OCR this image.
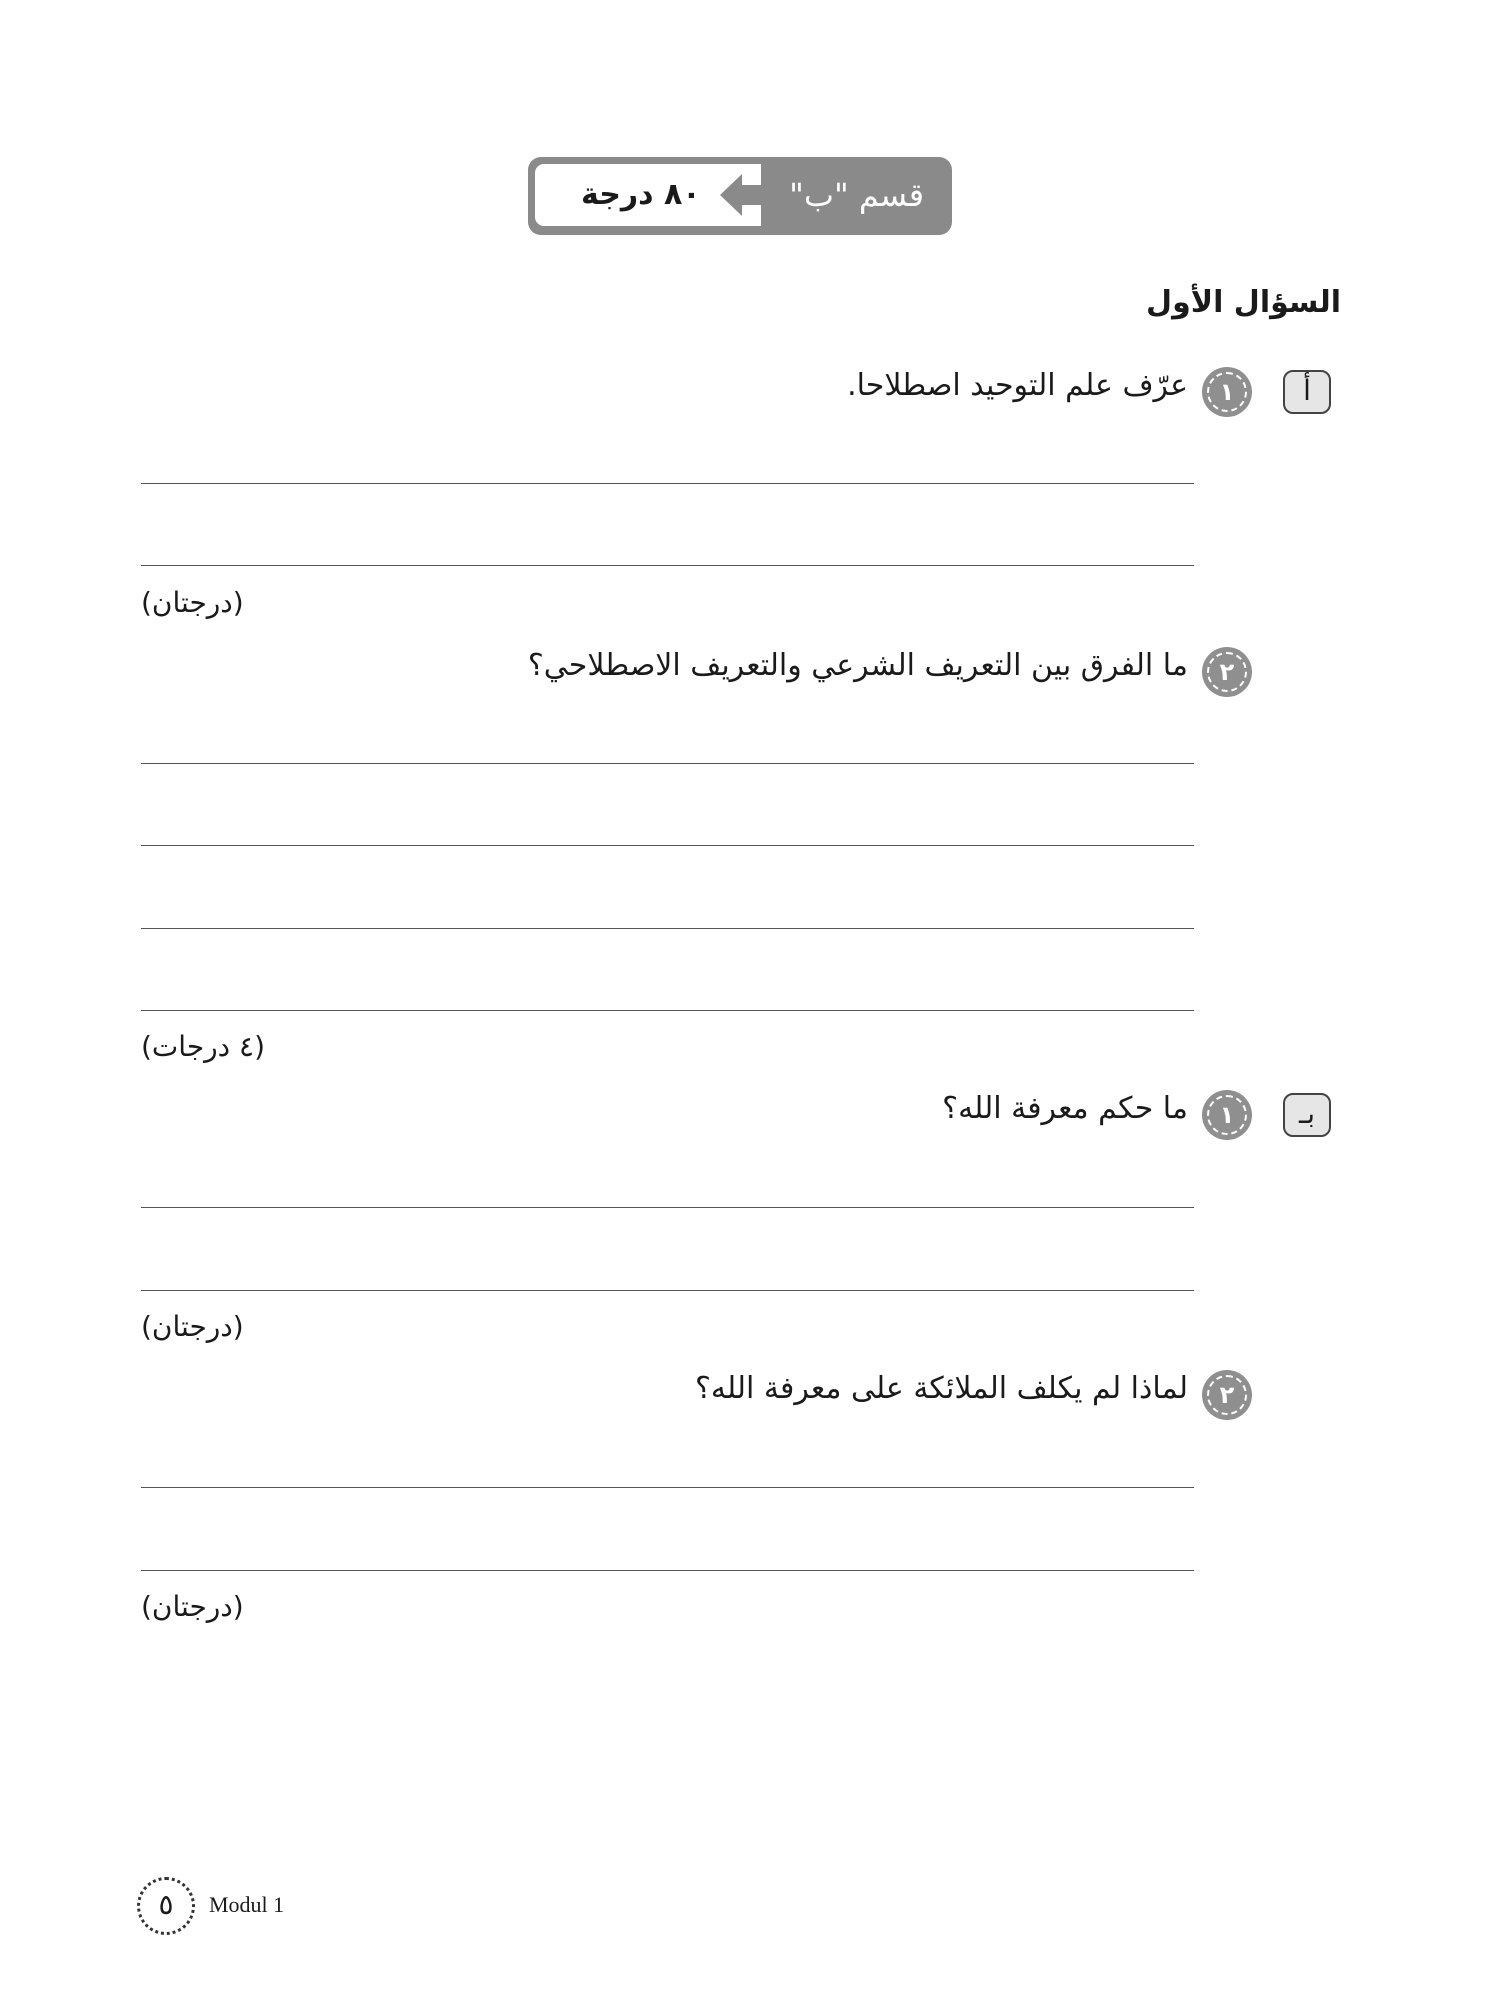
٨٠ درجة	قسم "ب"
السؤال الأول
أ
١
عرّف علم التوحيد اصطلاحا.
(درجتان)
٢
ما الفرق بين التعريف الشرعي والتعريف الاصطلاحي؟
(٤ درجات)
بـ
١
ما حكم معرفة الله؟
(درجتان)
٢
لماذا لم يكلف الملائكة على معرفة الله؟
(درجتان)
٥	Modul 1
